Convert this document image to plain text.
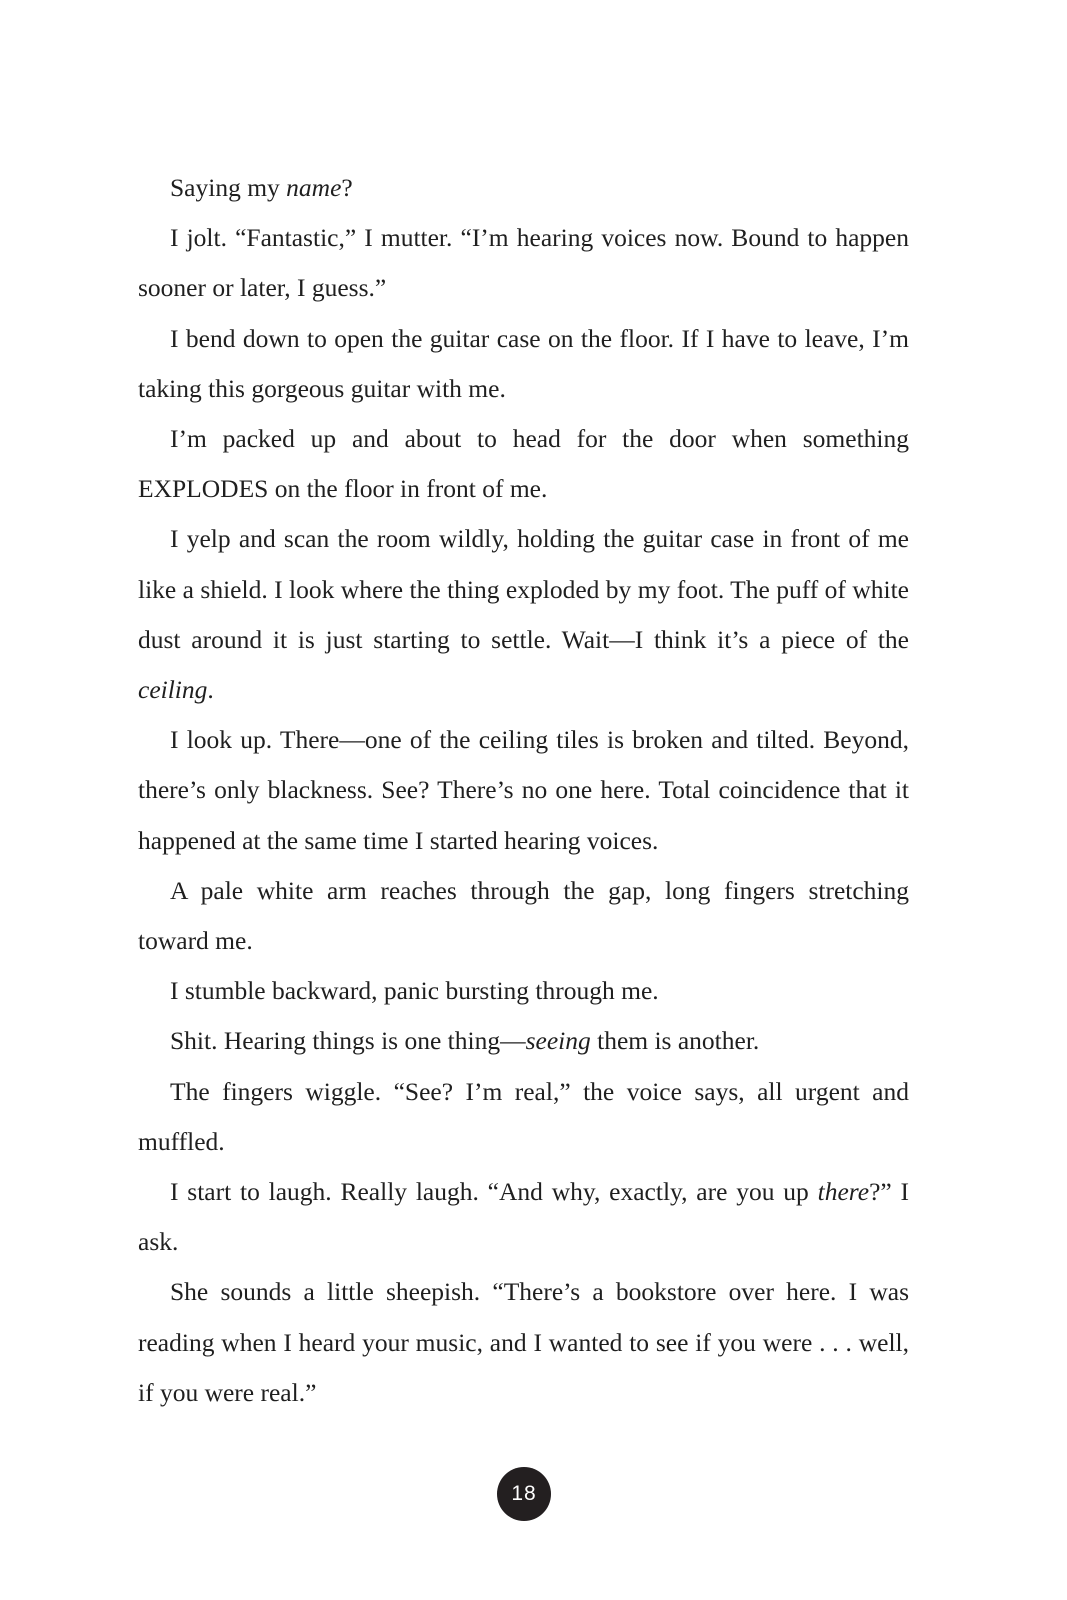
Saying my name?

I jolt. “Fantastic,” I mutter. “I’m hearing voices now. Bound to happen sooner or later, I guess.”

I bend down to open the guitar case on the floor. If I have to leave, I’m taking this gorgeous guitar with me.

I’m packed up and about to head for the door when something EXPLODES on the floor in front of me.

I yelp and scan the room wildly, holding the guitar case in front of me like a shield. I look where the thing exploded by my foot. The puff of white dust around it is just starting to settle. Wait—I think it’s a piece of the ceiling.

I look up. There—one of the ceiling tiles is broken and tilted. Beyond, there’s only blackness. See? There’s no one here. Total coincidence that it happened at the same time I started hearing voices.

A pale white arm reaches through the gap, long fingers stretching toward me.

I stumble backward, panic bursting through me.

Shit. Hearing things is one thing—seeing them is another.

The fingers wiggle. “See? I’m real,” the voice says, all urgent and muffled.

I start to laugh. Really laugh. “And why, exactly, are you up there?” I ask.

She sounds a little sheepish. “There’s a bookstore over here. I was reading when I heard your music, and I wanted to see if you were . . . well, if you were real.”

18
